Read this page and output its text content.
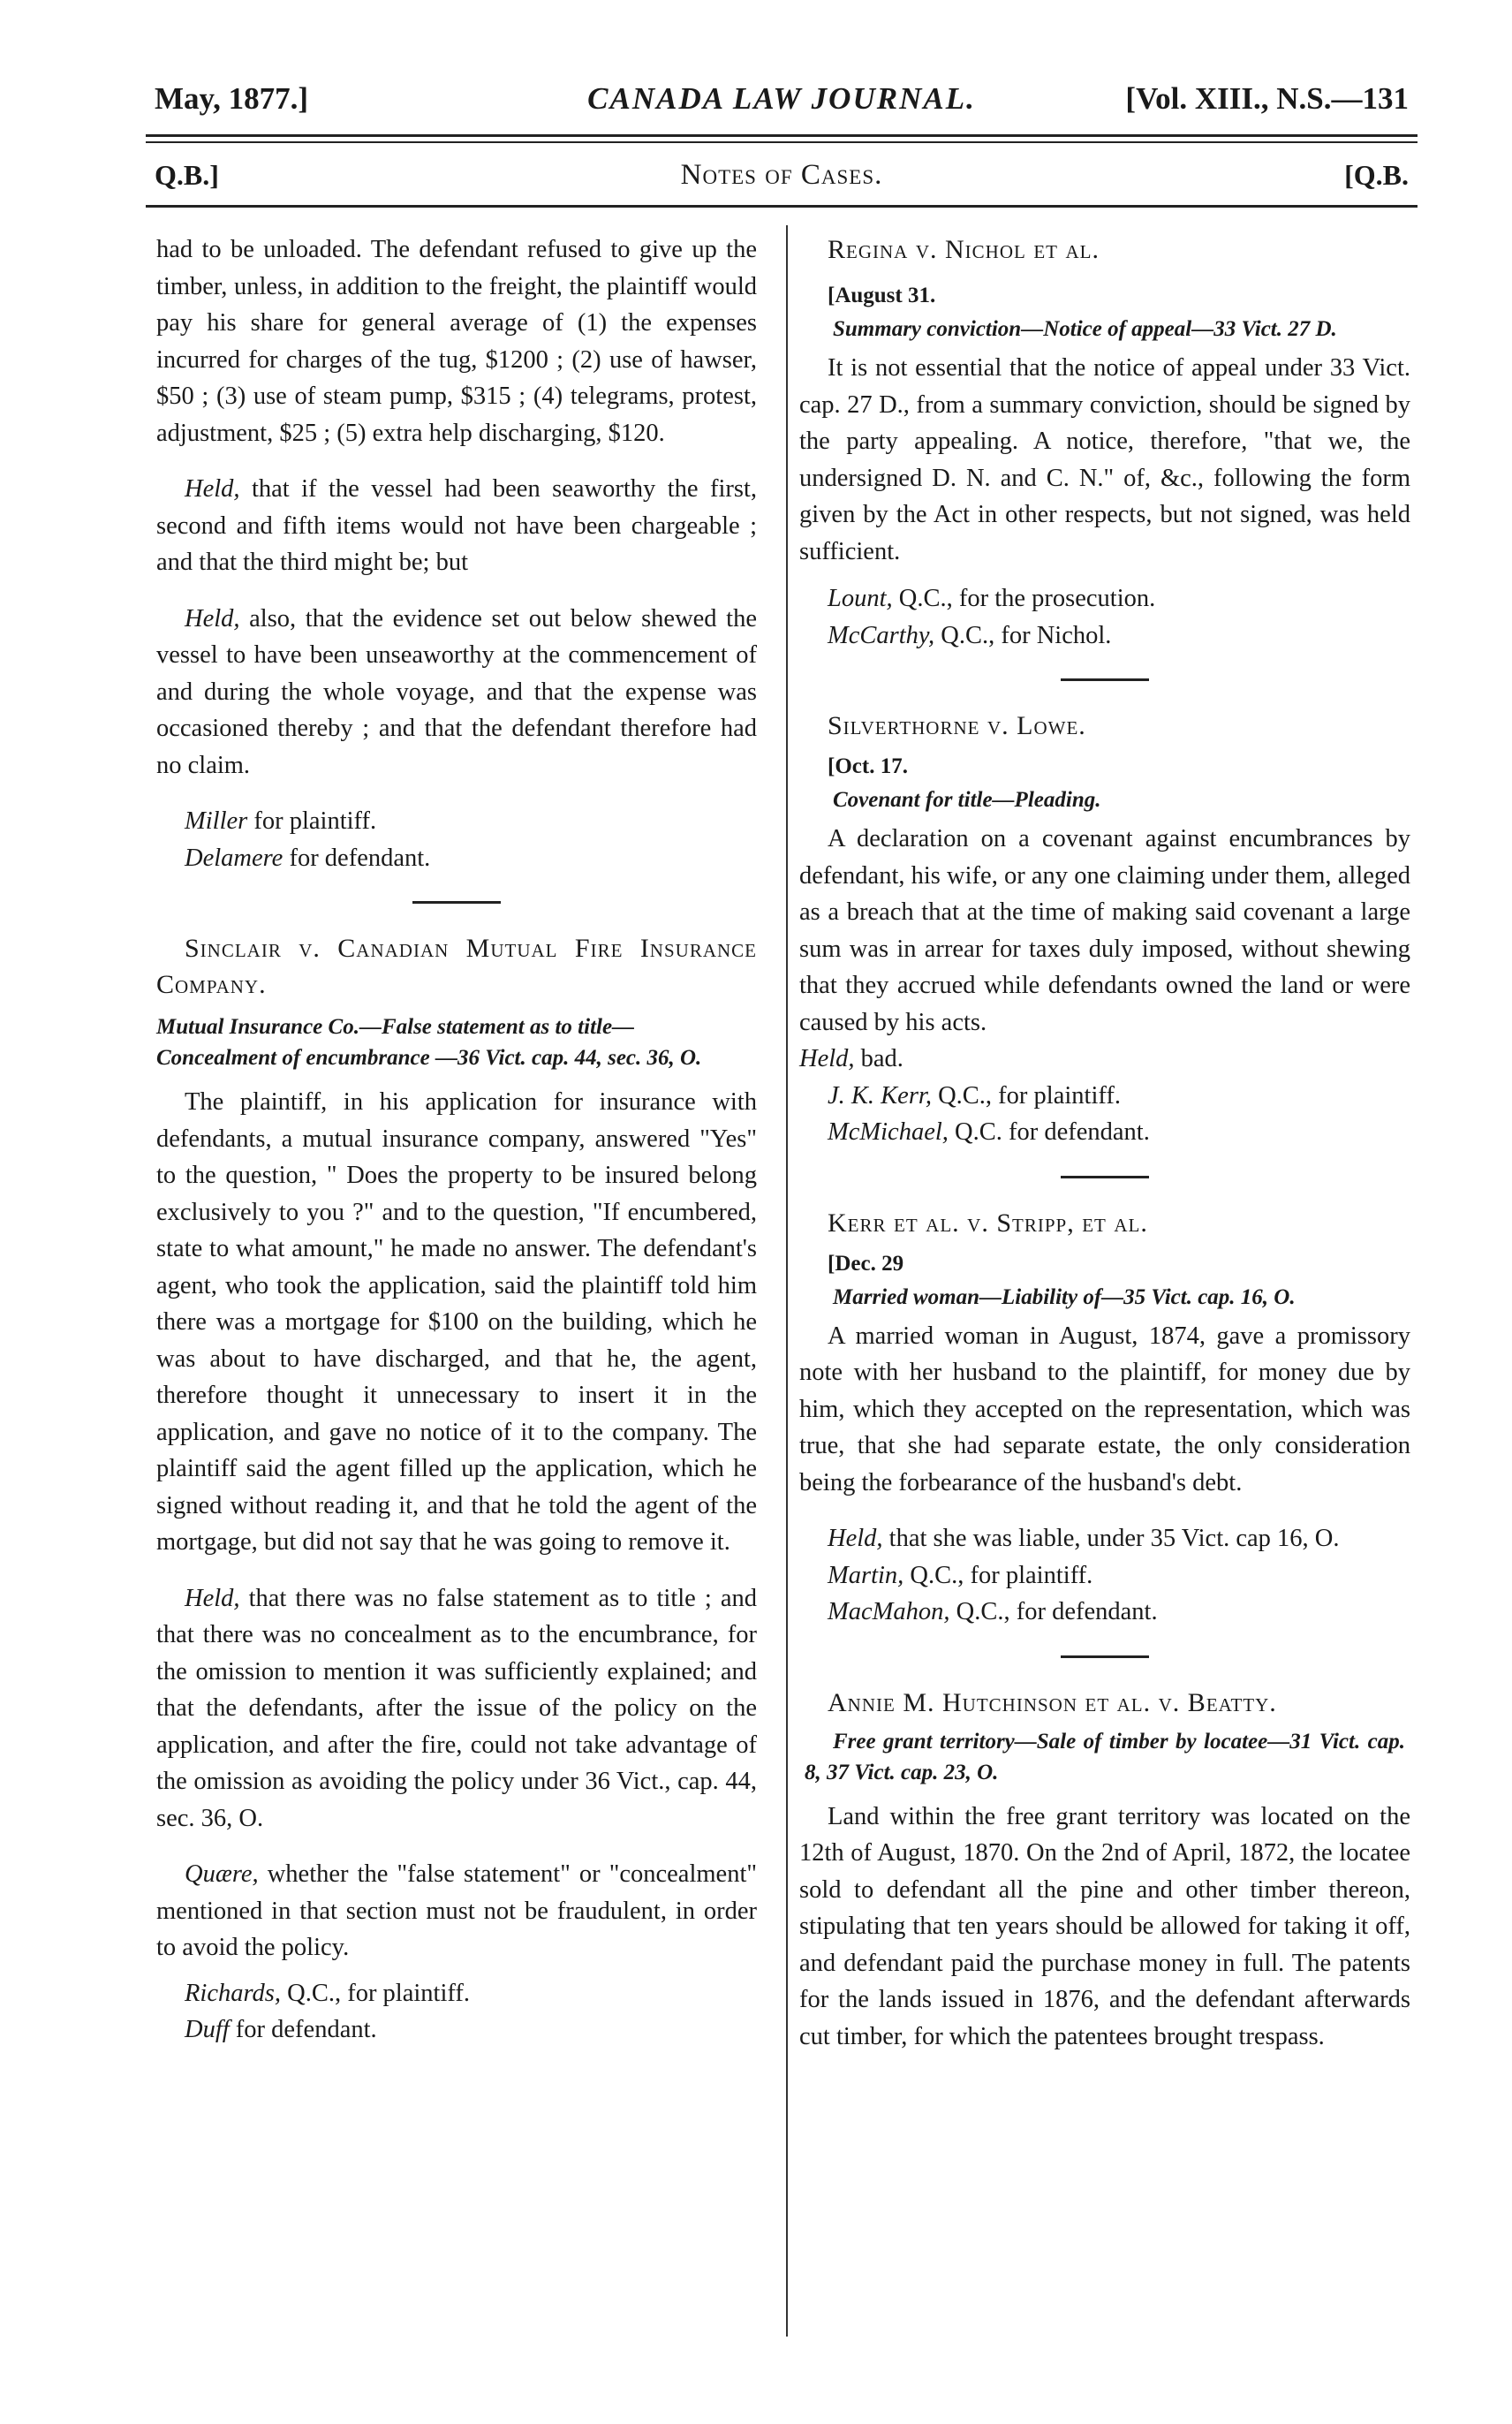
May, 1877.]	CANADA LAW JOURNAL.	[Vol. XIII., N.S.—131
Q.B.]	Notes of Cases.	[Q.B.

had to be unloaded. The defendant refused to give up the timber, unless, in addition to the freight, the plaintiff would pay his share for general average of (1) the expenses incurred for charges of the tug, $1200 ; (2) use of hawser, $50 ; (3) use of steam pump, $315 ; (4) telegrams, protest, adjustment, $25 ; (5) extra help discharging, $120.

Held, that if the vessel had been seaworthy the first, second and fifth items would not have been chargeable ; and that the third might be; but

Held, also, that the evidence set out below shewed the vessel to have been unseaworthy at the commencement of and during the whole voyage, and that the expense was occasioned thereby ; and that the defendant therefore had no claim.

Miller for plaintiff.

Delamere for defendant.

Sinclair v. Canadian Mutual Fire Insurance Company.

Mutual Insurance Co.—False statement as to title—Concealment of encumbrance —36 Vict. cap. 44, sec. 36, O.

The plaintiff, in his application for insurance with defendants, a mutual insurance company, answered "Yes" to the question, " Does the property to be insured belong exclusively to you ?" and to the question, "If encumbered, state to what amount," he made no answer. The defendant's agent, who took the application, said the plaintiff told him there was a mortgage for $100 on the building, which he was about to have discharged, and that he, the agent, therefore thought it unnecessary to insert it in the application, and gave no notice of it to the company. The plaintiff said the agent filled up the application, which he signed without reading it, and that he told the agent of the mortgage, but did not say that he was going to remove it.

Held, that there was no false statement as to title ; and that there was no concealment as to the encumbrance, for the omission to mention it was sufficiently explained; and that the defendants, after the issue of the policy on the application, and after the fire, could not take advantage of the omission as avoiding the policy under 36 Vict., cap. 44, sec. 36, O.

Quære, whether the "false statement" or "concealment" mentioned in that section must not be fraudulent, in order to avoid the policy.

Richards, Q.C., for plaintiff.

Duff for defendant.

Regina v. Nichol et al.

[August 31.

Summary conviction—Notice of appeal—33 Vict. 27 D.

It is not essential that the notice of appeal under 33 Vict. cap. 27 D., from a summary conviction, should be signed by the party appealing. A notice, therefore, "that we, the undersigned D. N. and C. N." of, &c., following the form given by the Act in other respects, but not signed, was held sufficient.

Lount, Q.C., for the prosecution.

McCarthy, Q.C., for Nichol.

Silverthorne v. Lowe.

[Oct. 17.

Covenant for title—Pleading.

A declaration on a covenant against encumbrances by defendant, his wife, or any one claiming under them, alleged as a breach that at the time of making said covenant a large sum was in arrear for taxes duly imposed, without shewing that they accrued while defendants owned the land or were caused by his acts.

Held, bad.

J. K. Kerr, Q.C., for plaintiff.

McMichael, Q.C. for defendant.

Kerr et al. v. Stripp, et al.

[Dec. 29

Married woman—Liability of—35 Vict. cap. 16, O.

A married woman in August, 1874, gave a promissory note with her husband to the plaintiff, for money due by him, which they accepted on the representation, which was true, that she had separate estate, the only consideration being the forbearance of the husband's debt.

Held, that she was liable, under 35 Vict. cap 16, O.

Martin, Q.C., for plaintiff.

MacMahon, Q.C., for defendant.

Annie M. Hutchinson et al. v. Beatty.

Free grant territory—Sale of timber by locatee—31 Vict. cap. 8, 37 Vict. cap. 23, O.

Land within the free grant territory was located on the 12th of August, 1870. On the 2nd of April, 1872, the locatee sold to defendant all the pine and other timber thereon, stipulating that ten years should be allowed for taking it off, and defendant paid the purchase money in full. The patents for the lands issued in 1876, and the defendant afterwards cut timber, for which the patentees brought trespass.
